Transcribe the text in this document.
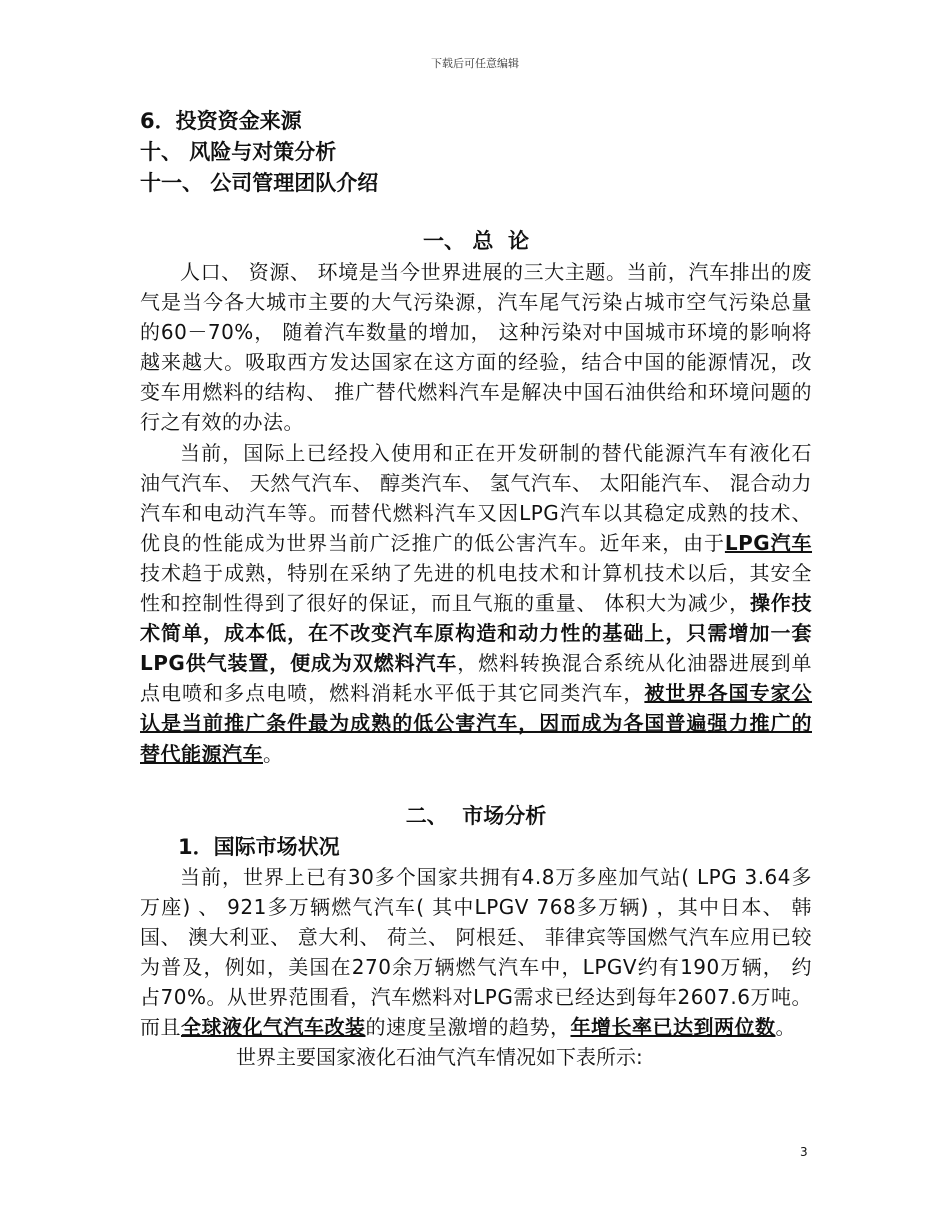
下载后可任意编辑
6．投资资金来源
十、 风险与对策分析
十一、 公司管理团队介绍
一、 总  论

人口、 资源、 环境是当今世界进展的三大主题。当前，汽车排出的废气是当今各大城市主要的大气污染源，汽车尾气污染占城市空气污染总量的60－70%， 随着汽车数量的增加， 这种污染对中国城市环境的影响将越来越大。吸取西方发达国家在这方面的经验，结合中国的能源情况，改变车用燃料的结构、 推广替代燃料汽车是解决中国石油供给和环境问题的行之有效的办法。

当前，国际上已经投入使用和正在开发研制的替代能源汽车有液化石油气汽车、 天然气汽车、 醇类汽车、 氢气汽车、 太阳能汽车、 混合动力汽车和电动汽车等。而替代燃料汽车又因LPG汽车以其稳定成熟的技术、 优良的性能成为世界当前广泛推广的低公害汽车。近年来，由于LPG汽车技术趋于成熟，特别在采纳了先进的机电技术和计算机技术以后，其安全性和控制性得到了很好的保证，而且气瓶的重量、 体积大为减少，操作技术简单，成本低，在不改变汽车原构造和动力性的基础上，只需增加一套LPG供气装置，便成为双燃料汽车，燃料转换混合系统从化油器进展到单点电喷和多点电喷，燃料消耗水平低于其它同类汽车，被世界各国专家公认是当前推广条件最为成熟的低公害汽车，因而成为各国普遍强力推广的替代能源汽车。

二、  市场分析
1．国际市场状况

当前，世界上已有30多个国家共拥有4.8万多座加气站( LPG 3.64多万座) 、 921多万辆燃气汽车( 其中LPGV 768多万辆) ，其中日本、 韩国、 澳大利亚、 意大利、 荷兰、 阿根廷、 菲律宾等国燃气汽车应用已较为普及，例如，美国在270余万辆燃气汽车中，LPGV约有190万辆， 约占70%。从世界范围看，汽车燃料对LPG需求已经达到每年2607.6万吨。而且全球液化气汽车改装的速度呈激增的趋势，年增长率已达到两位数。

世界主要国家液化石油气汽车情况如下表所示:
3
